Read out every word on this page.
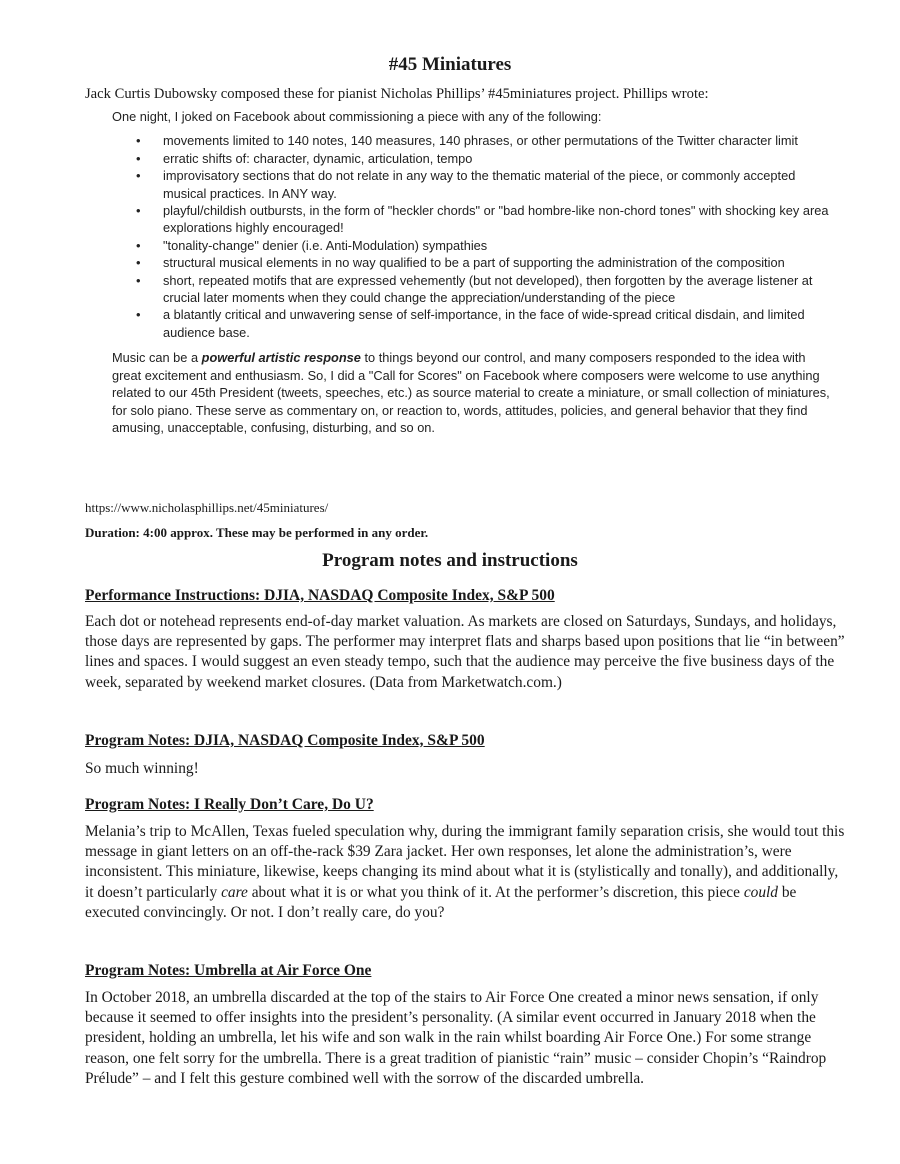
#45 Miniatures
Jack Curtis Dubowsky composed these for pianist Nicholas Phillips’ #45miniatures project. Phillips wrote:

One night, I joked on Facebook about commissioning a piece with any of the following:

• movements limited to 140 notes, 140 measures, 140 phrases, or other permutations of the Twitter character limit
• erratic shifts of: character, dynamic, articulation, tempo
• improvisatory sections that do not relate in any way to the thematic material of the piece, or commonly accepted musical practices. In ANY way.
• playful/childish outbursts, in the form of "heckler chords" or "bad hombre-like non-chord tones" with shocking key area explorations highly encouraged!
• "tonality-change" denier (i.e. Anti-Modulation) sympathies
• structural musical elements in no way qualified to be a part of supporting the administration of the composition
• short, repeated motifs that are expressed vehemently (but not developed), then forgotten by the average listener at crucial later moments when they could change the appreciation/understanding of the piece
• a blatantly critical and unwavering sense of self-importance, in the face of wide-spread critical disdain, and limited audience base.

Music can be a powerful artistic response to things beyond our control, and many composers responded to the idea with great excitement and enthusiasm. So, I did a "Call for Scores" on Facebook where composers were welcome to use anything related to our 45th President (tweets, speeches, etc.) as source material to create a miniature, or small collection of miniatures, for solo piano. These serve as commentary on, or reaction to, words, attitudes, policies, and general behavior that they find amusing, unacceptable, confusing, disturbing, and so on.

https://www.nicholasphillips.net/45miniatures/
Duration: 4:00 approx. These may be performed in any order.
Program notes and instructions
Performance Instructions: DJIA, NASDAQ Composite Index, S&P 500

Each dot or notehead represents end-of-day market valuation. As markets are closed on Saturdays, Sundays, and holidays, those days are represented by gaps. The performer may interpret flats and sharps based upon positions that lie “in between” lines and spaces. I would suggest an even steady tempo, such that the audience may perceive the five business days of the week, separated by weekend market closures. (Data from Marketwatch.com.)

Program Notes: DJIA, NASDAQ Composite Index, S&P 500

So much winning!

Program Notes: I Really Don’t Care, Do U?

Melania’s trip to McAllen, Texas fueled speculation why, during the immigrant family separation crisis, she would tout this message in giant letters on an off-the-rack $39 Zara jacket. Her own responses, let alone the administration’s, were inconsistent. This miniature, likewise, keeps changing its mind about what it is (stylistically and tonally), and additionally, it doesn’t particularly care about what it is or what you think of it. At the performer’s discretion, this piece could be executed convincingly. Or not. I don’t really care, do you?

Program Notes: Umbrella at Air Force One

In October 2018, an umbrella discarded at the top of the stairs to Air Force One created a minor news sensation, if only because it seemed to offer insights into the president’s personality. (A similar event occurred in January 2018 when the president, holding an umbrella, let his wife and son walk in the rain whilst boarding Air Force One.) For some strange reason, one felt sorry for the umbrella. There is a great tradition of pianistic “rain” music – consider Chopin’s “Raindrop Prélude” – and I felt this gesture combined well with the sorrow of the discarded umbrella.
